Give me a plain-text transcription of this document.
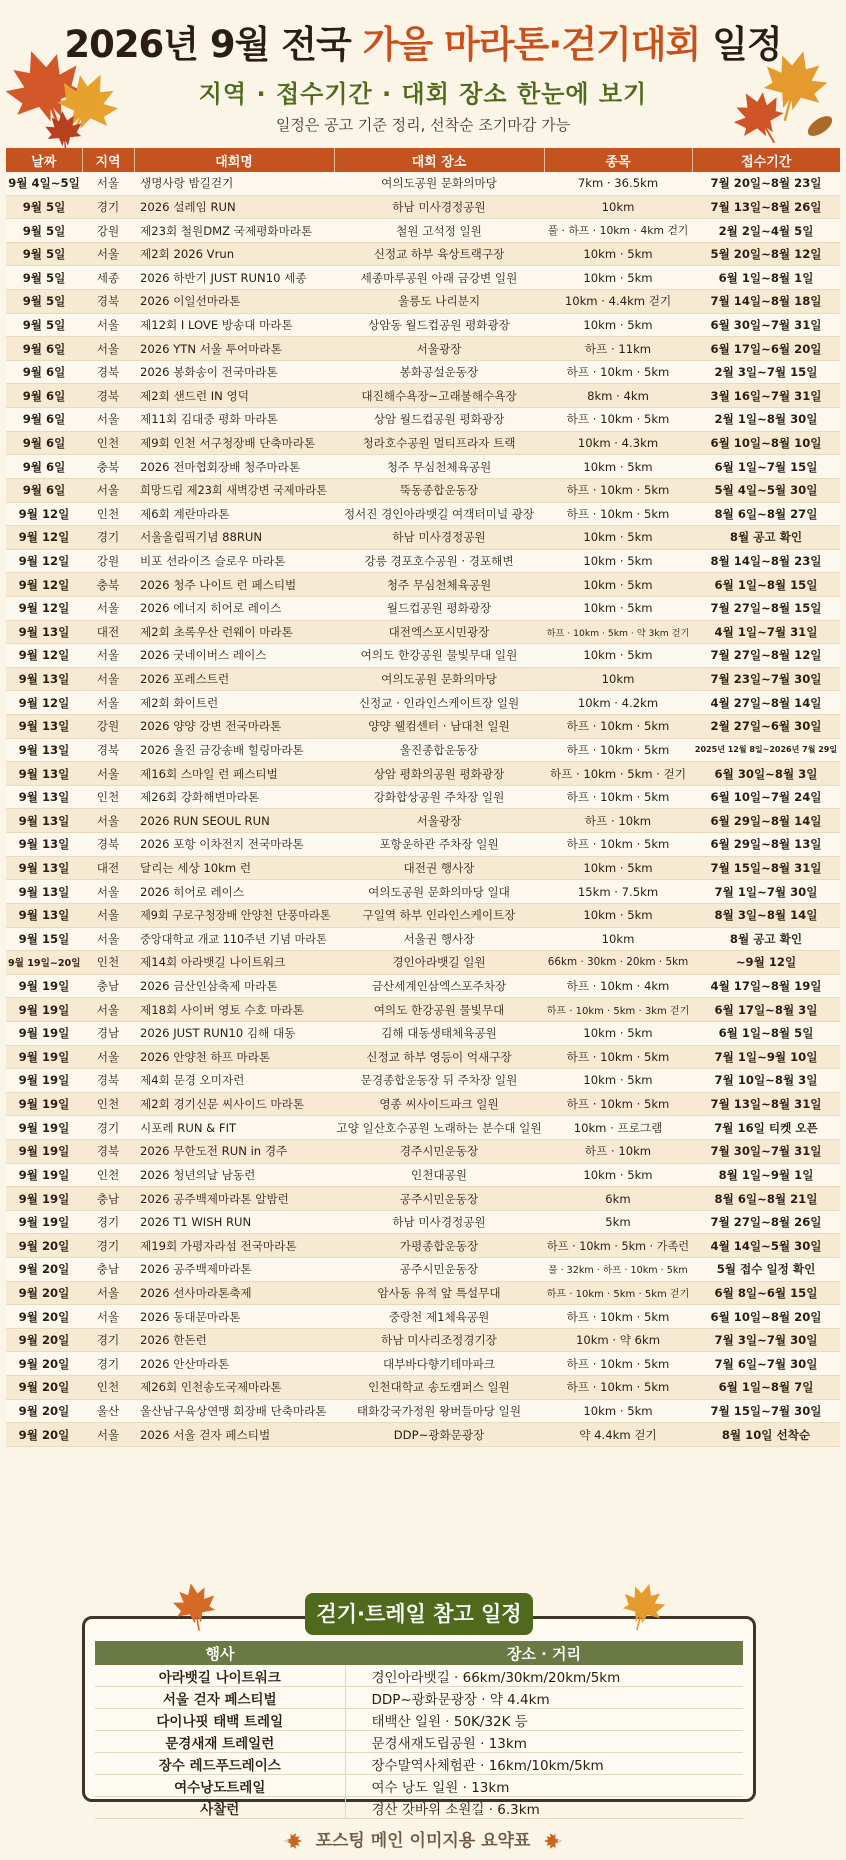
2026년 9월 전국 가을 마라톤·걷기대회 일정
지역 · 접수기간 · 대회 장소 한눈에 보기
일정은 공고 기준 정리, 선착순 조기마감 가능
날짜	지역	대회명	대회 장소	종목	접수기간
9월 4일~5일	서울	생명사랑 밤길걷기	여의도공원 문화의마당	7km · 36.5km	7월 20일~8월 23일
9월 5일	경기	2026 설레임 RUN	하남 미사경정공원	10km	7월 13일~8월 26일
9월 5일	강원	제23회 철원DMZ 국제평화마라톤	철원 고석정 일원	풀 · 하프 · 10km · 4km 걷기	2월 2일~4월 5일
9월 5일	서울	제2회 2026 Vrun	신정교 하부 육상트랙구장	10km · 5km	5월 20일~8월 12일
9월 5일	세종	2026 하반기 JUST RUN10 세종	세종마루공원 아래 금강변 일원	10km · 5km	6월 1일~8월 1일
9월 5일	경북	2026 이일선마라톤	울릉도 나리분지	10km · 4.4km 걷기	7월 14일~8월 18일
9월 5일	서울	제12회 I LOVE 방송대 마라톤	상암동 월드컵공원 평화광장	10km · 5km	6월 30일~7월 31일
9월 6일	서울	2026 YTN 서울 투어마라톤	서울광장	하프 · 11km	6월 17일~6월 20일
9월 6일	경북	2026 봉화송이 전국마라톤	봉화공설운동장	하프 · 10km · 5km	2월 3일~7월 15일
9월 6일	경북	제2회 샌드런 IN 영덕	대진해수욕장~고래불해수욕장	8km · 4km	3월 16일~7월 31일
9월 6일	서울	제11회 김대중 평화 마라톤	상암 월드컵공원 평화광장	하프 · 10km · 5km	2월 1일~8월 30일
9월 6일	인천	제9회 인천 서구청장배 단축마라톤	청라호수공원 멀티프라자 트랙	10km · 4.3km	6월 10일~8월 10일
9월 6일	충북	2026 전마협회장배 청주마라톤	청주 무심천체육공원	10km · 5km	6월 1일~7월 15일
9월 6일	서울	희망드림 제23회 새벽강변 국제마라톤	뚝동종합운동장	하프 · 10km · 5km	5월 4일~5월 30일
9월 12일	인천	제6회 계란마라톤	정서진 경인아라뱃길 여객터미널 광장	하프 · 10km · 5km	8월 6일~8월 27일
9월 12일	경기	서울올림픽기념 88RUN	하남 미사경정공원	10km · 5km	8월 공고 확인
9월 12일	강원	비포 선라이즈 슬로우 마라톤	강릉 경포호수공원 · 경포해변	10km · 5km	8월 14일~8월 23일
9월 12일	충북	2026 청주 나이트 런 페스티벌	청주 무심천체육공원	10km · 5km	6월 1일~8월 15일
9월 12일	서울	2026 에너지 히어로 레이스	월드컵공원 평화광장	10km · 5km	7월 27일~8월 15일
9월 13일	대전	제2회 초록우산 런웨이 마라톤	대전엑스포시민광장	하프 · 10km · 5km · 약 3km 걷기	4월 1일~7월 31일
9월 12일	서울	2026 굿네이버스 레이스	여의도 한강공원 물빛무대 일원	10km · 5km	7월 27일~8월 12일
9월 13일	서울	2026 포레스트런	여의도공원 문화의마당	10km	7월 23일~7월 30일
9월 12일	서울	제2회 화이트런	신정교 · 인라인스케이트장 일원	10km · 4.2km	4월 27일~8월 14일
9월 13일	강원	2026 양양 강변 전국마라톤	양양 웰컴센터 · 남대천 일원	하프 · 10km · 5km	2월 27일~6월 30일
9월 13일	경북	2026 울진 금강송배 힐링마라톤	울진종합운동장	하프 · 10km · 5km	2025년 12월 8일~2026년 7월 29일
9월 13일	서울	제16회 스마일 런 페스티벌	상암 평화의공원 평화광장	하프 · 10km · 5km · 걷기	6월 30일~8월 3일
9월 13일	인천	제26회 강화해변마라톤	강화합상공원 주차장 일원	하프 · 10km · 5km	6월 10일~7월 24일
9월 13일	서울	2026 RUN SEOUL RUN	서울광장	하프 · 10km	6월 29일~8월 14일
9월 13일	경북	2026 포항 이차전지 전국마라톤	포항운하관 주차장 일원	하프 · 10km · 5km	6월 29일~8월 13일
9월 13일	대전	달리는 세상 10km 런	대전권 행사장	10km · 5km	7월 15일~8월 31일
9월 13일	서울	2026 히어로 레이스	여의도공원 문화의마당 일대	15km · 7.5km	7월 1일~7월 30일
9월 13일	서울	제9회 구로구청장배 안양천 단풍마라톤	구일역 하부 인라인스케이트장	10km · 5km	8월 3일~8월 14일
9월 15일	서울	중앙대학교 개교 110주년 기념 마라톤	서울권 행사장	10km	8월 공고 확인
9월 19일~20일	인천	제14회 아라뱃길 나이트워크	경인아라뱃길 일원	66km · 30km · 20km · 5km	~9월 12일
9월 19일	충남	2026 금산인삼축제 마라톤	금산세계인삼엑스포주차장	하프 · 10km · 4km	4월 17일~8월 19일
9월 19일	서울	제18회 사이버 영토 수호 마라톤	여의도 한강공원 물빛무대	하프 · 10km · 5km · 3km 걷기	6월 17일~8월 3일
9월 19일	경남	2026 JUST RUN10 김해 대동	김해 대동생태체육공원	10km · 5km	6월 1일~8월 5일
9월 19일	서울	2026 안양천 하프 마라톤	신정교 하부 영등이 억새구장	하프 · 10km · 5km	7월 1일~9월 10일
9월 19일	경북	제4회 문경 오미자런	문경종합운동장 뒤 주차장 일원	10km · 5km	7월 10일~8월 3일
9월 19일	인천	제2회 경기신문 씨사이드 마라톤	영종 씨사이드파크 일원	하프 · 10km · 5km	7월 13일~8월 31일
9월 19일	경기	시포레 RUN & FIT	고양 일산호수공원 노래하는 분수대 일원	10km · 프로그램	7월 16일 티켓 오픈
9월 19일	경북	2026 무한도전 RUN in 경주	경주시민운동장	하프 · 10km	7월 30일~7월 31일
9월 19일	인천	2026 청년의날 남동런	인천대공원	10km · 5km	8월 1일~9월 1일
9월 19일	충남	2026 공주백제마라톤 알밤런	공주시민운동장	6km	8월 6일~8월 21일
9월 19일	경기	2026 T1 WISH RUN	하남 미사경정공원	5km	7월 27일~8월 26일
9월 20일	경기	제19회 가평자라섬 전국마라톤	가평종합운동장	하프 · 10km · 5km · 가족런	4월 14일~5월 30일
9월 20일	충남	2026 공주백제마라톤	공주시민운동장	풀 · 32km · 하프 · 10km · 5km	5월 접수 일정 확인
9월 20일	서울	2026 선사마라톤축제	암사동 유적 앞 특설무대	하프 · 10km · 5km · 5km 걷기	6월 8일~6월 15일
9월 20일	서울	2026 동대문마라톤	중랑천 제1체육공원	하프 · 10km · 5km	6월 10일~8월 20일
9월 20일	경기	2026 한돈런	하남 미사리조정경기장	10km · 약 6km	7월 3일~7월 30일
9월 20일	경기	2026 안산마라톤	대부바다향기테마파크	하프 · 10km · 5km	7월 6일~7월 30일
9월 20일	인천	제26회 인천송도국제마라톤	인천대학교 송도캠퍼스 일원	하프 · 10km · 5km	6월 1일~8월 7일
9월 20일	울산	울산남구육상연맹 회장배 단축마라톤	태화강국가정원 왕버들마당 일원	10km · 5km	7월 15일~7월 30일
9월 20일	서울	2026 서울 걷자 페스티벌	DDP~광화문광장	약 4.4km 걷기	8월 10일 선착순
걷기·트레일 참고 일정
행사	장소 · 거리
아라뱃길 나이트워크	경인아라뱃길 · 66km/30km/20km/5km
서울 걷자 페스티벌	DDP~광화문광장 · 약 4.4km
다이나핏 태백 트레일	태백산 일원 · 50K/32K 등
문경새재 트레일런	문경새재도립공원 · 13km
장수 레드푸드레이스	장수말역사체험관 · 16km/10km/5km
여수낭도트레일	여수 낭도 일원 · 13km
사찰런	경산 갓바위 소원길 · 6.3km
포스팅 메인 이미지용 요약표
